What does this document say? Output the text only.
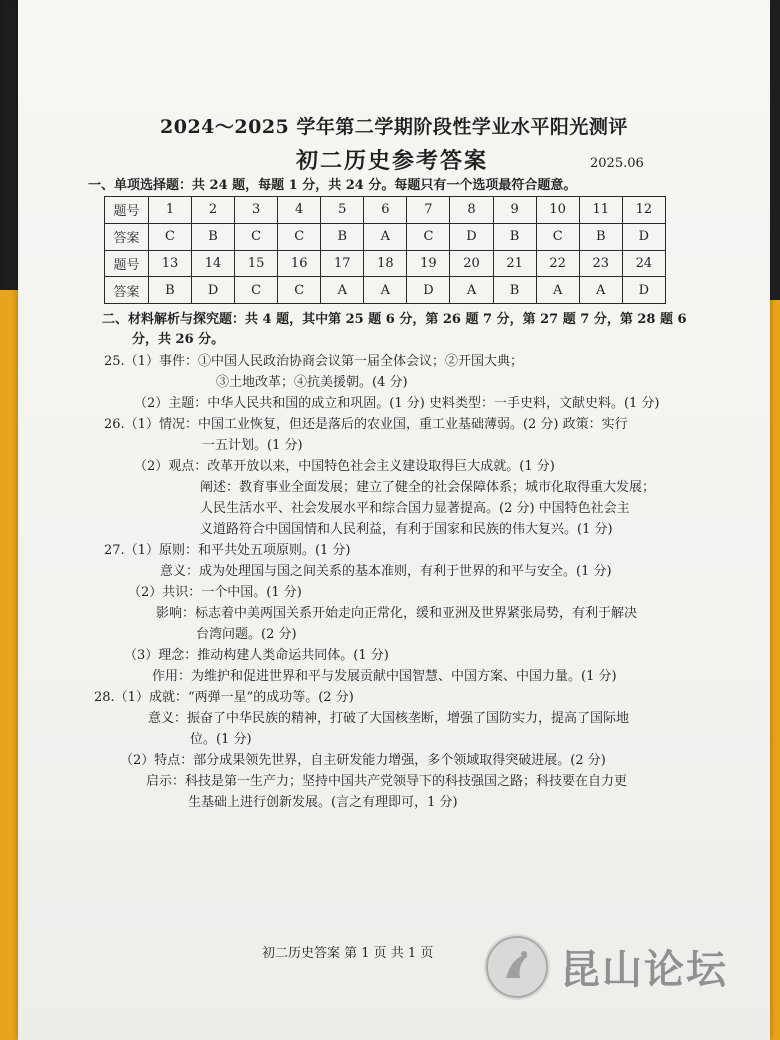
2024～2025 学年第二学期阶段性学业水平阳光测评
初二历史参考答案	2025.06
一、单项选择题：共 24 题，每题 1 分，共 24 分。每题只有一个选项最符合题意。
题号	1	2	3	4	5	6	7	8	9	10	11	12
答案	C	B	C	C	B	A	C	D	B	C	B	D
题号	13	14	15	16	17	18	19	20	21	22	23	24
答案	B	D	C	C	A	A	D	A	B	A	A	D
二、材料解析与探究题：共 4 题，其中第 25 题 6 分，第 26 题 7 分，第 27 题 7 分，第 28 题 6
分，共 26 分。
25.（1）事件：①中国人民政治协商会议第一届全体会议；②开国大典；
③土地改革；④抗美援朝。(4 分)
（2）主题：中华人民共和国的成立和巩固。(1 分) 史料类型：一手史料，文献史料。(1 分)
26.（1）情况：中国工业恢复，但还是落后的农业国，重工业基础薄弱。(2 分) 政策：实行
一五计划。(1 分)
（2）观点：改革开放以来，中国特色社会主义建设取得巨大成就。(1 分)
阐述：教育事业全面发展；建立了健全的社会保障体系；城市化取得重大发展；
人民生活水平、社会发展水平和综合国力显著提高。(2 分) 中国特色社会主
义道路符合中国国情和人民利益，有利于国家和民族的伟大复兴。(1 分)
27.（1）原则：和平共处五项原则。(1 分)
意义：成为处理国与国之间关系的基本准则，有利于世界的和平与安全。(1 分)
（2）共识：一个中国。(1 分)
影响：标志着中美两国关系开始走向正常化，缓和亚洲及世界紧张局势，有利于解决
台湾问题。(2 分)
（3）理念：推动构建人类命运共同体。(1 分)
作用：为维护和促进世界和平与发展贡献中国智慧、中国方案、中国力量。(1 分)
28.（1）成就：“两弹一星”的成功等。(2 分)
意义：振奋了中华民族的精神，打破了大国核垄断，增强了国防实力，提高了国际地
位。(1 分)
（2）特点：部分成果领先世界，自主研发能力增强，多个领域取得突破进展。(2 分)
启示：科技是第一生产力；坚持中国共产党领导下的科技强国之路；科技要在自力更
生基础上进行创新发展。(言之有理即可，1 分)
初二历史答案 第 1 页 共 1 页	昆山论坛
